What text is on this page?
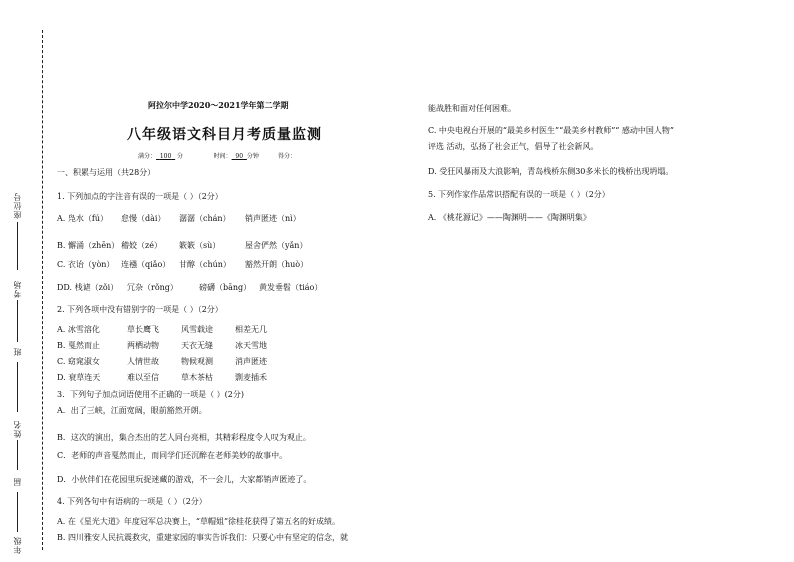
座位号
考场
班
姓名
届
年级
阿拉尔中学2020～2021学年第二学期
八年级语文科目月考质量监测
满分： 100 分	时间： 90 分钟	得分：
一、积累与运用（共28分）
1. 下列加点的字注音有误的一项是（ ）（2分）
A. 凫水（fú） 怠慢（dài） 潺潺（chán） 销声匿迹（nì）
B. 懈涌（zhēn） 稽姣（zé） 簌簌（sù）	屋舍俨然（yǎn）
C. 衣诒（yòn） 连襁（qiǎo） 甘醇（chún） 豁然开朗（huò）
DD. 栈谑（zǒi） 冗杂（rǒng）	磅礴（bāng） 黄发垂髫（tiáo）
2. 下列各项中没有错别字的一项是（ ）（2分）
A. 冰雪溶化	草长鹰飞	风雪载途	相差无几
B. 戛然而止	两栖动物	天衣无缝	冰天雪地
C. 窈窕淑女	人情世故	物候观测	消声匿迹
D. 衰草连天	难以至信	草木茶枯	剽麦插禾
3．下列句子加点词语使用不正确的一项是（ ）(2分)
A．出了三峡，江面宽阔，眼前豁然开朗。
B．这次的演出，集合杰出的艺人同台亮相，其精彩程度令人叹为观止。
C．老师的声音戛然而止，而同学们还沉醉在老师美妙的故事中。
D．小伙伴们在花园里玩捉迷藏的游戏，不一会儿，大家都销声匿迹了。
4. 下列各句中有语病的一项是（ ）（2分）
A. 在《星光大道》年度冠军总决赛上，“草帽姐”徐桂花获得了第五名的好成绩。
B. 四川雅安人民抗震救灾，重建家园的事实告诉我们：只要心中有坚定的信念，就
能战胜和面对任何困难。
C. 中央电视台开展的“最美乡村医生”“最美乡村教师”“ 感动中国人物”
评选 活动，弘扬了社会正气，倡导了社会新风。
D. 受狂风暴雨及大浪影响，青岛栈桥东侧30多米长的栈桥出现坍塌。
5. 下列作家作品常识搭配有误的一项是（ ）（2分）
A. 《桃花源记》——陶渊明——《陶渊明集》
